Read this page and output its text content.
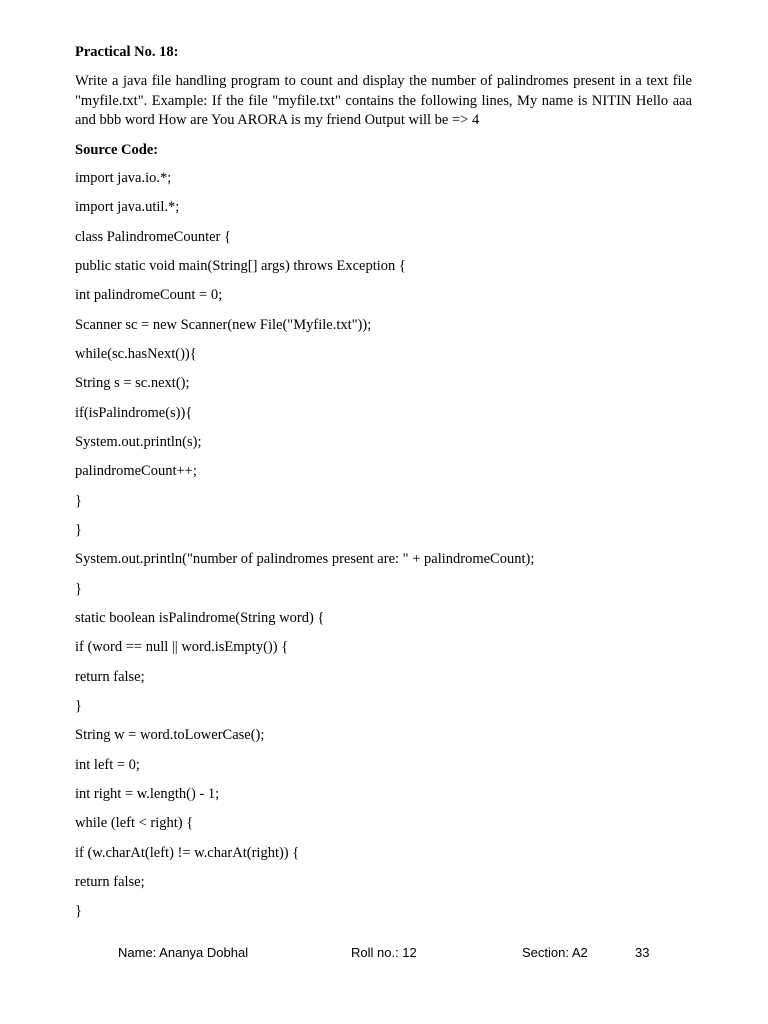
Practical No. 18:
Write a java file handling program to count and display the number of palindromes present in a text file "myfile.txt". Example: If the file "myfile.txt" contains the following lines, My name is NITIN Hello aaa and bbb word How are You ARORA is my friend Output will be => 4
Source Code:
import java.io.*;
import java.util.*;
class PalindromeCounter {
public static void main(String[] args) throws Exception {
int palindromeCount = 0;
Scanner sc = new Scanner(new File("Myfile.txt"));
while(sc.hasNext()){
String s = sc.next();
if(isPalindrome(s)){
System.out.println(s);
palindromeCount++;
}
}
System.out.println("number of palindromes present are: " + palindromeCount);
}
static boolean isPalindrome(String word) {
if (word == null || word.isEmpty()) {
return false;
}
String w = word.toLowerCase();
int left = 0;
int right = w.length() - 1;
while (left < right) {
if (w.charAt(left) != w.charAt(right)) {
return false;
}
Name: Ananya Dobhal	Roll no.: 12	Section: A2	33
